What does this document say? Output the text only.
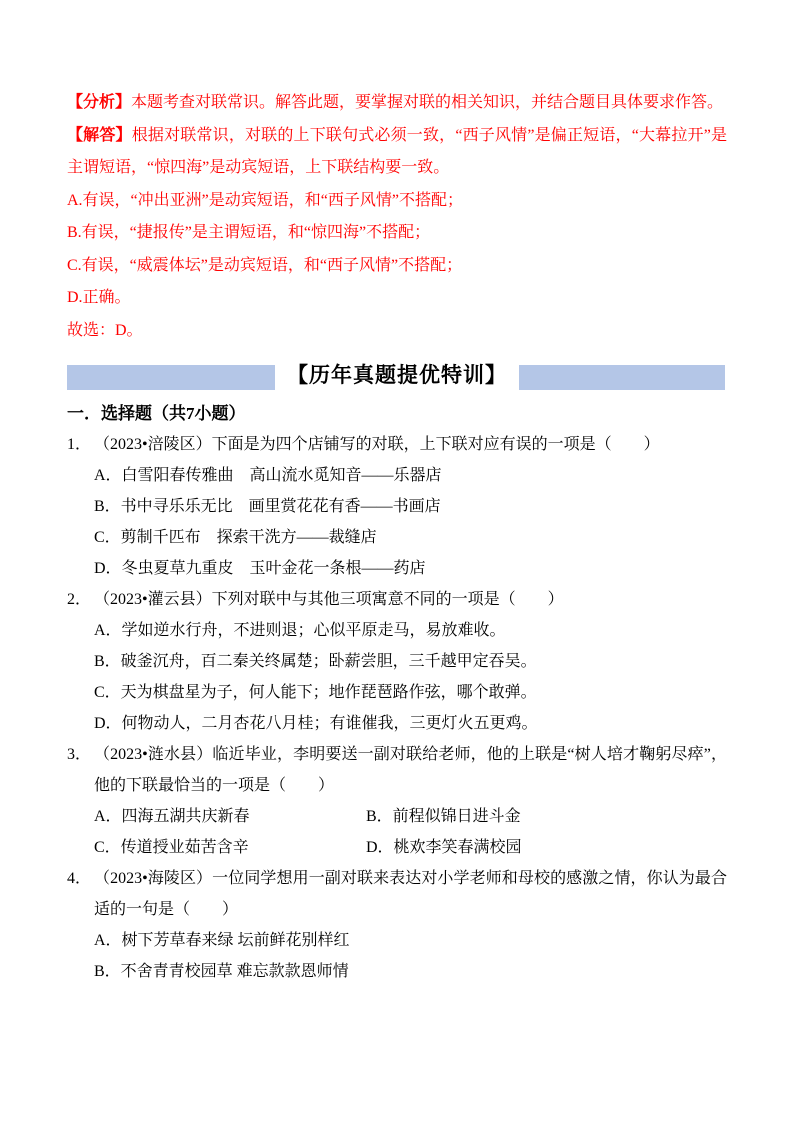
【分析】本题考查对联常识。解答此题，要掌握对联的相关知识，并结合题目具体要求作答。

【解答】根据对联常识，对联的上下联句式必须一致，“西子风情”是偏正短语，“大幕拉开”是主谓短语，“惊四海”是动宾短语，上下联结构要一致。

A.有误，“冲出亚洲”是动宾短语，和“西子风情”不搭配；
B.有误，“捷报传”是主谓短语，和“惊四海”不搭配；
C.有误，“威震体坛”是动宾短语，和“西子风情”不搭配；
D.正确。

故选：D。

【历年真题提优特训】
一．选择题（共7小题）
1． （2023•涪陵区）下面是为四个店铺写的对联，上下联对应有误的一项是（　　）
A．白雪阳春传雅曲　高山流水觅知音——乐器店
B．书中寻乐乐无比　画里赏花花有香——书画店
C．剪制千匹布　探索干洗方——裁缝店
D．冬虫夏草九重皮　玉叶金花一条根——药店
2． （2023•灌云县）下列对联中与其他三项寓意不同的一项是（　　）
A．学如逆水行舟，不进则退；心似平原走马，易放难收。
B．破釜沉舟，百二秦关终属楚；卧薪尝胆，三千越甲定吞吴。
C．天为棋盘星为子，何人能下；地作琵琶路作弦，哪个敢弹。
D．何物动人，二月杏花八月桂；有谁催我，三更灯火五更鸡。
3． （2023•涟水县）临近毕业，李明要送一副对联给老师，他的上联是“树人培才鞠躬尽瘁”，他的下联最恰当的一项是（　　）
A．四海五湖共庆新春	B．前程似锦日进斗金
C．传道授业茹苦含辛	D．桃欢李笑春满校园
4． （2023•海陵区）一位同学想用一副对联来表达对小学老师和母校的感激之情，你认为最合适的一句是（　　）
A．树下芳草春来绿 坛前鲜花别样红
B．不舍青青校园草 难忘款款恩师情
